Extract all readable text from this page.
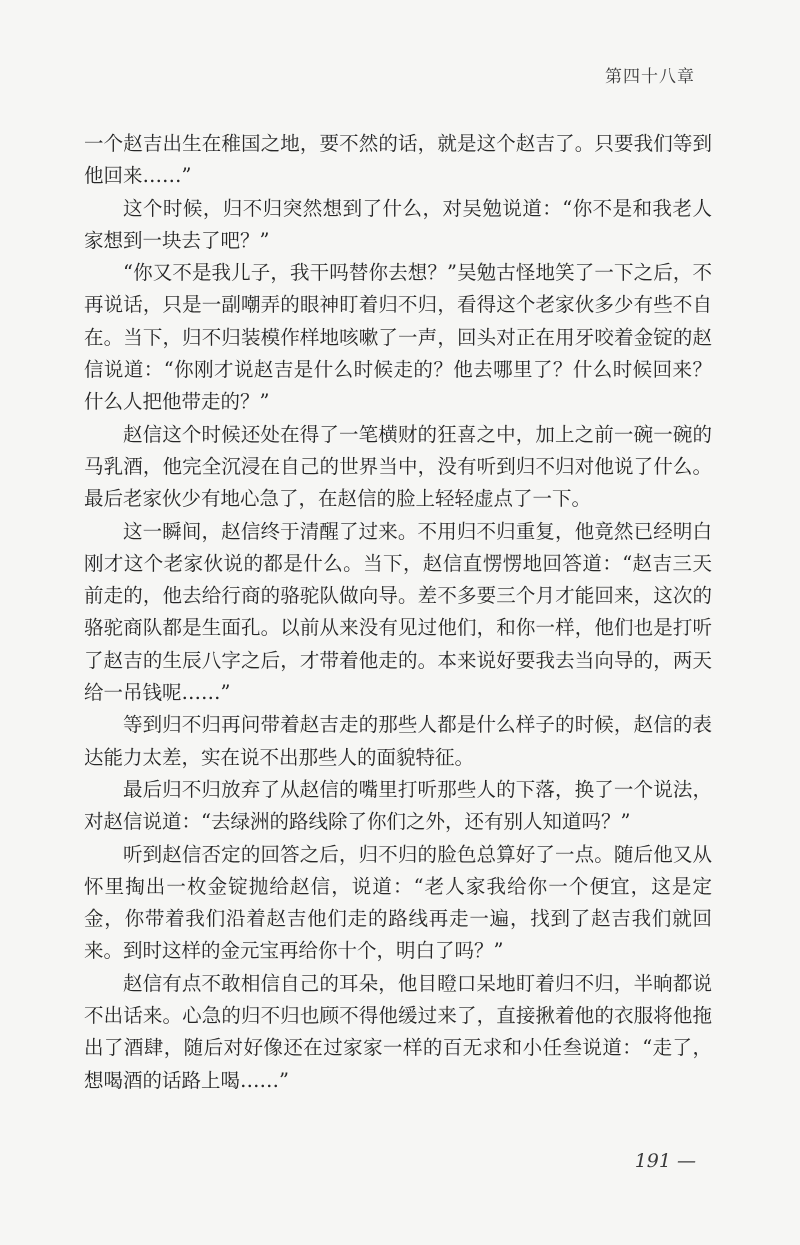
第四十八章

一个赵吉出生在稚国之地，要不然的话，就是这个赵吉了。只要我们等到他回来……”

这个时候，归不归突然想到了什么，对吴勉说道：“你不是和我老人家想到一块去了吧？”

“你又不是我儿子，我干吗替你去想？”吴勉古怪地笑了一下之后，不再说话，只是一副嘲弄的眼神盯着归不归，看得这个老家伙多少有些不自在。当下，归不归装模作样地咳嗽了一声，回头对正在用牙咬着金锭的赵信说道：“你刚才说赵吉是什么时候走的？他去哪里了？什么时候回来？什么人把他带走的？”

赵信这个时候还处在得了一笔横财的狂喜之中，加上之前一碗一碗的马乳酒，他完全沉浸在自己的世界当中，没有听到归不归对他说了什么。最后老家伙少有地心急了，在赵信的脸上轻轻虚点了一下。

这一瞬间，赵信终于清醒了过来。不用归不归重复，他竟然已经明白刚才这个老家伙说的都是什么。当下，赵信直愣愣地回答道：“赵吉三天前走的，他去给行商的骆驼队做向导。差不多要三个月才能回来，这次的骆驼商队都是生面孔。以前从来没有见过他们，和你一样，他们也是打听了赵吉的生辰八字之后，才带着他走的。本来说好要我去当向导的，两天给一吊钱呢……”

等到归不归再问带着赵吉走的那些人都是什么样子的时候，赵信的表达能力太差，实在说不出那些人的面貌特征。

最后归不归放弃了从赵信的嘴里打听那些人的下落，换了一个说法，对赵信说道：“去绿洲的路线除了你们之外，还有别人知道吗？”

听到赵信否定的回答之后，归不归的脸色总算好了一点。随后他又从怀里掏出一枚金锭抛给赵信，说道：“老人家我给你一个便宜，这是定金，你带着我们沿着赵吉他们走的路线再走一遍，找到了赵吉我们就回来。到时这样的金元宝再给你十个，明白了吗？”

赵信有点不敢相信自己的耳朵，他目瞪口呆地盯着归不归，半晌都说不出话来。心急的归不归也顾不得他缓过来了，直接揪着他的衣服将他拖出了酒肆，随后对好像还在过家家一样的百无求和小任叁说道：“走了，想喝酒的话路上喝……”

191 —
